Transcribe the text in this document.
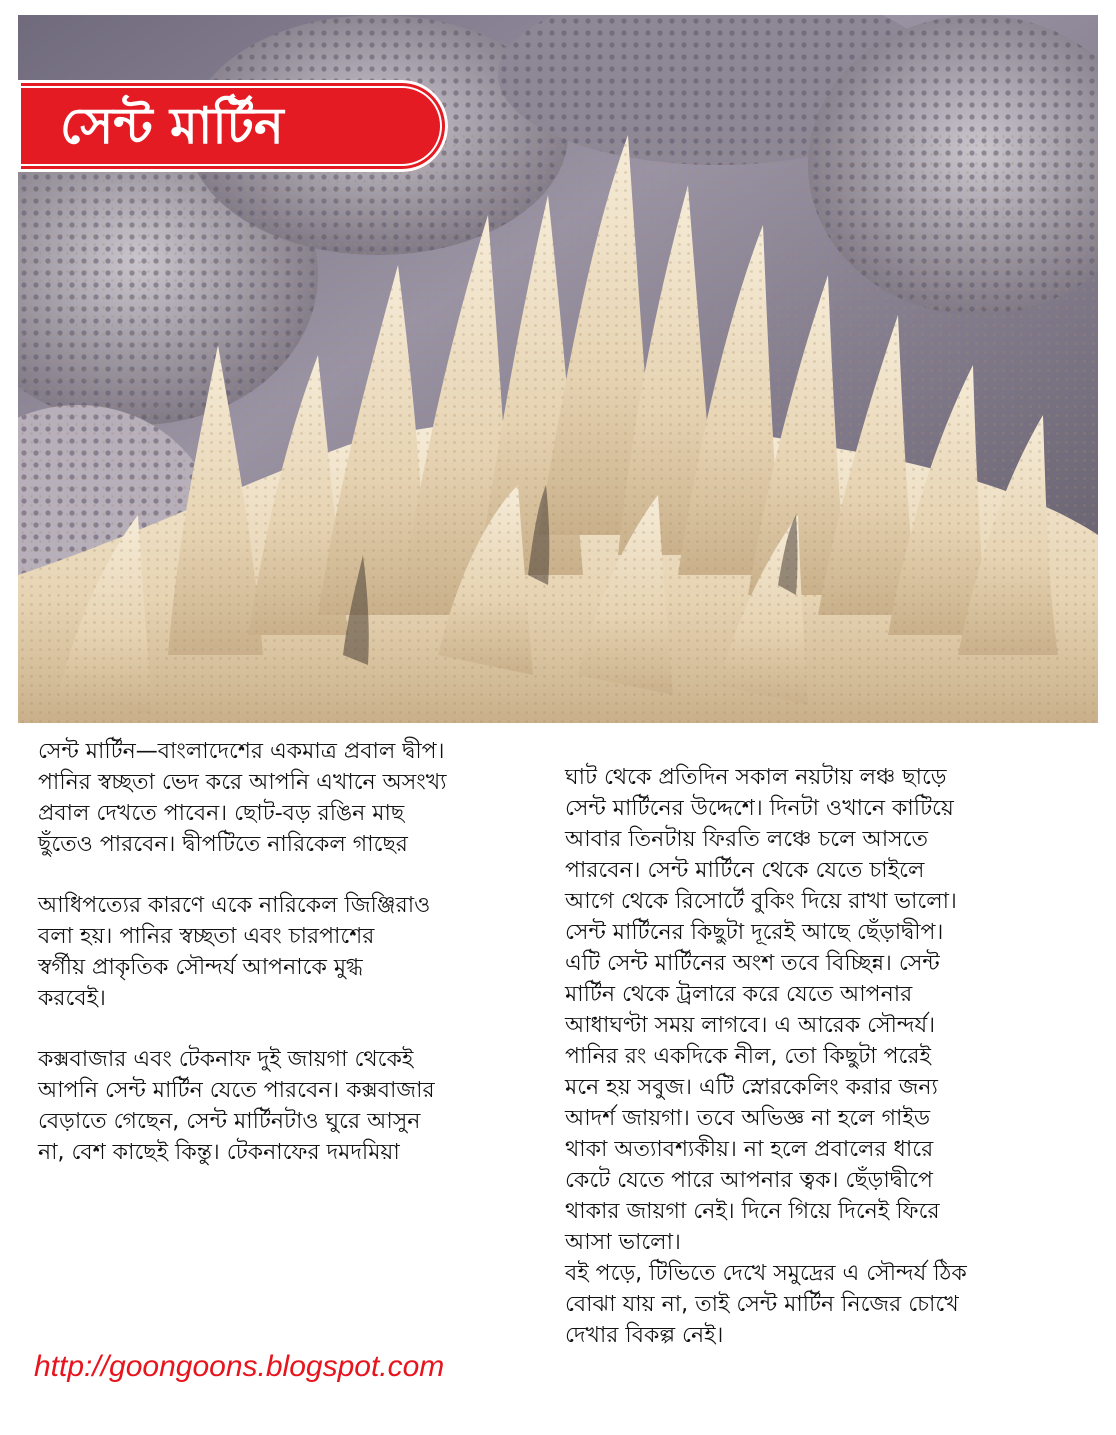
সেন্ট মার্টিন

সেন্ট মার্টিন—বাংলাদেশের একমাত্র প্রবাল দ্বীপ।
পানির স্বচ্ছতা ভেদ করে আপনি এখানে অসংখ্য
প্রবাল দেখতে পাবেন। ছোট-বড় রঙিন মাছ
ছুঁতেও পারবেন। দ্বীপটিতে নারিকেল গাছের

আধিপত্যের কারণে একে নারিকেল জিঞ্জিরাও
বলা হয়। পানির স্বচ্ছতা এবং চারপাশের
স্বর্গীয় প্রাকৃতিক সৌন্দর্য আপনাকে মুগ্ধ
করবেই।

কক্সবাজার এবং টেকনাফ দুই জায়গা থেকেই
আপনি সেন্ট মার্টিন যেতে পারবেন। কক্সবাজার
বেড়াতে গেছেন, সেন্ট মার্টিনটাও ঘুরে আসুন
না, বেশ কাছেই কিন্তু। টেকনাফের দমদমিয়া

ঘাট থেকে প্রতিদিন সকাল নয়টায় লঞ্চ ছাড়ে
সেন্ট মার্টিনের উদ্দেশে। দিনটা ওখানে কাটিয়ে
আবার তিনটায় ফিরতি লঞ্চে চলে আসতে
পারবেন। সেন্ট মার্টিনে থেকে যেতে চাইলে
আগে থেকে রিসোর্টে বুকিং দিয়ে রাখা ভালো।
সেন্ট মার্টিনের কিছুটা দূরেই আছে ছেঁড়াদ্বীপ।
এটি সেন্ট মার্টিনের অংশ তবে বিচ্ছিন্ন। সেন্ট
মার্টিন থেকে ট্রলারে করে যেতে আপনার
আধাঘণ্টা সময় লাগবে। এ আরেক সৌন্দর্য।
পানির রং একদিকে নীল, তো কিছুটা পরেই
মনে হয় সবুজ। এটি স্নোরকেলিং করার জন্য
আদর্শ জায়গা। তবে অভিজ্ঞ না হলে গাইড
থাকা অত্যাবশ্যকীয়। না হলে প্রবালের ধারে
কেটে যেতে পারে আপনার ত্বক। ছেঁড়াদ্বীপে
থাকার জায়গা নেই। দিনে গিয়ে দিনেই ফিরে
আসা ভালো।

বই পড়ে, টিভিতে দেখে সমুদ্রের এ সৌন্দর্য ঠিক
বোঝা যায় না, তাই সেন্ট মার্টিন নিজের চোখে
দেখার বিকল্প নেই।

http://goongoons.blogspot.com
